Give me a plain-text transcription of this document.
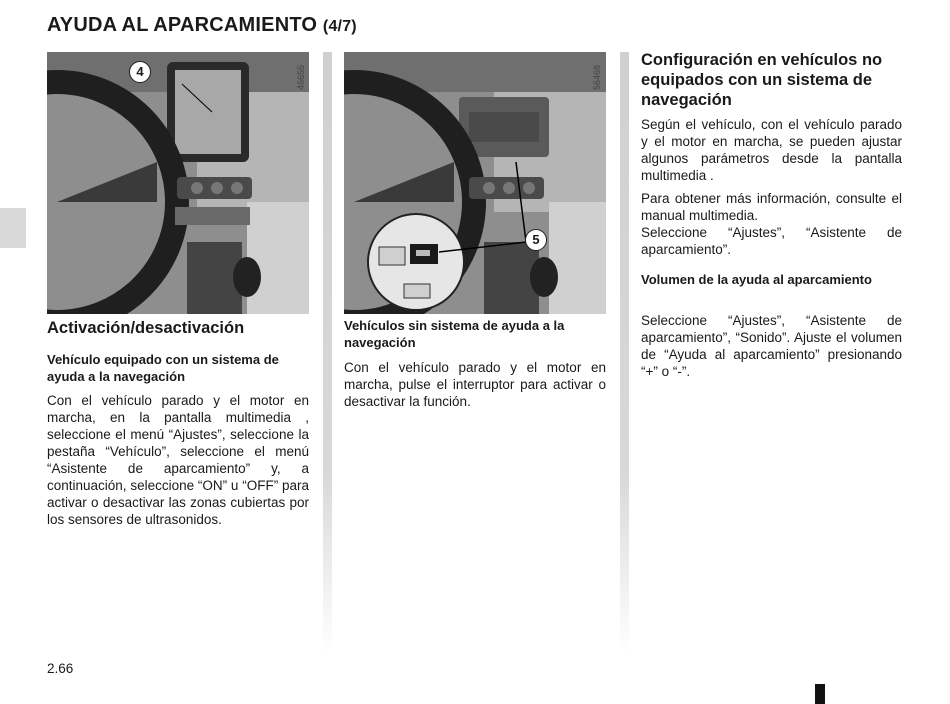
AYUDA AL APARCAMIENTO (4/7)
4	46655
5
56468
Activación/desactivación
Vehículo equipado con un sistema de ayuda a la navegación
Con el vehículo parado y el motor en marcha, en la pantalla multimedia , seleccione el menú “Ajustes”, seleccione la pestaña “Vehículo”, seleccione el menú “Asistente de aparcamiento” y, a continuación, seleccione “ON” u “OFF” para activar o desactivar las zonas cubiertas por los sensores de ultrasonidos.
Vehículos sin sistema de ayuda a la navegación
Con el vehículo parado y el motor en marcha, pulse el interruptor para activar o desactivar la función.
Configuración en vehículos no equipados con un sistema de navegación
Según el vehículo, con el vehículo parado y el motor en marcha, se pueden ajustar algunos parámetros desde la pantalla multimedia .
Para obtener más información, consulte el manual multimedia.
Seleccione “Ajustes”, “Asistente de aparcamiento”.
Volumen de la ayuda al aparcamiento
Seleccione “Ajustes”, “Asistente de aparcamiento”, “Sonido”. Ajuste el volumen de “Ayuda al aparcamiento” presionando “+” o “-”.
2.66
